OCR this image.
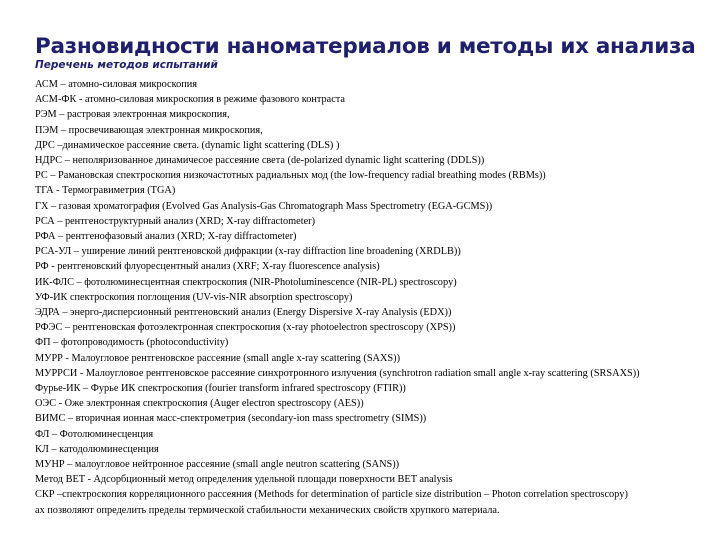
Разновидности наноматериалов и методы их анализа
Перечень методов испытаний
АСМ – атомно-силовая микроскопия
АСМ-ФК - атомно-силовая микроскопия в режиме фазового контраста
РЭМ – растровая электронная микроскопия,
ПЭМ – просвечивающая электронная микроскопия,
ДРС –динамическое рассеяние света. (dynamic light scattering (DLS) )
НДРС – неполяризованное динамичесое рассеяние света (de-polarized dynamic light scattering (DDLS))
РС – Рамановская спектроскопия низкочастотных радиальных мод (the low-frequency radial breathing modes (RBMs))
ТГА - Термогравиметрия (TGA)
ГХ – газовая хроматография (Evolved Gas Analysis-Gas Chromatograph Mass Spectrometry (EGA-GCMS))
РСА – рентгеноструктурный анализ (XRD; X-ray diffractometer)
РФА – рентгенофазовый анализ (XRD; X-ray diffractometer)
РСА-УЛ – уширение линий рентгеновской дифракции (x-ray diffraction line broadening (XRDLB))
РФ - рентгеновский флуоресцентный анализ (XRF; X-ray fluorescence analysis)
ИК-ФЛС – фотолюминесцентная спектроскопия (NIR-Photoluminescence (NIR-PL) spectroscopy)
УФ-ИК спектроскопия поглощения (UV-vis-NIR absorption spectroscopy)
ЭДРА – энерго-дисперсионный рентгеновский анализ (Energy Dispersive X-ray Analysis (EDX))
РФЭС – рентгеновская фотоэлектронная спектроскопия (x-ray photoelectron spectroscopy (XPS))
ФП – фотопроводимость (photoconductivity)
МУРР - Малоугловое рентгеновское рассеяние (small angle x-ray scattering (SAXS))
МУРРСИ - Малоугловое рентгеновское рассеяние синхротронного излучения (synchrotron radiation small angle x-ray scattering (SRSAXS))
Фурье-ИК – Фурье ИК спектроскопия (fourier transform infrared spectroscopy (FTIR))
ОЭС - Оже электронная спектроскопия (Auger electron spectroscopy (AES))
ВИМС – вторичная ионная масс-спектрометрия (secondary-ion mass spectrometry (SIMS))
ФЛ – Фотолюминесценция
КЛ – катодолюминесценция
МУНР – малоугловое нейтронное рассеяние (small angle neutron scattering (SANS))
Метод BET - Адсорбционный метод определения удельной площади поверхности BET analysis
СКР –спектроскопия корреляционного рассеяния (Methods for determination of particle size distribution – Photon correlation spectroscopy)
ах позволяют определить пределы термической стабильности механических свойств хрупкого материала.
